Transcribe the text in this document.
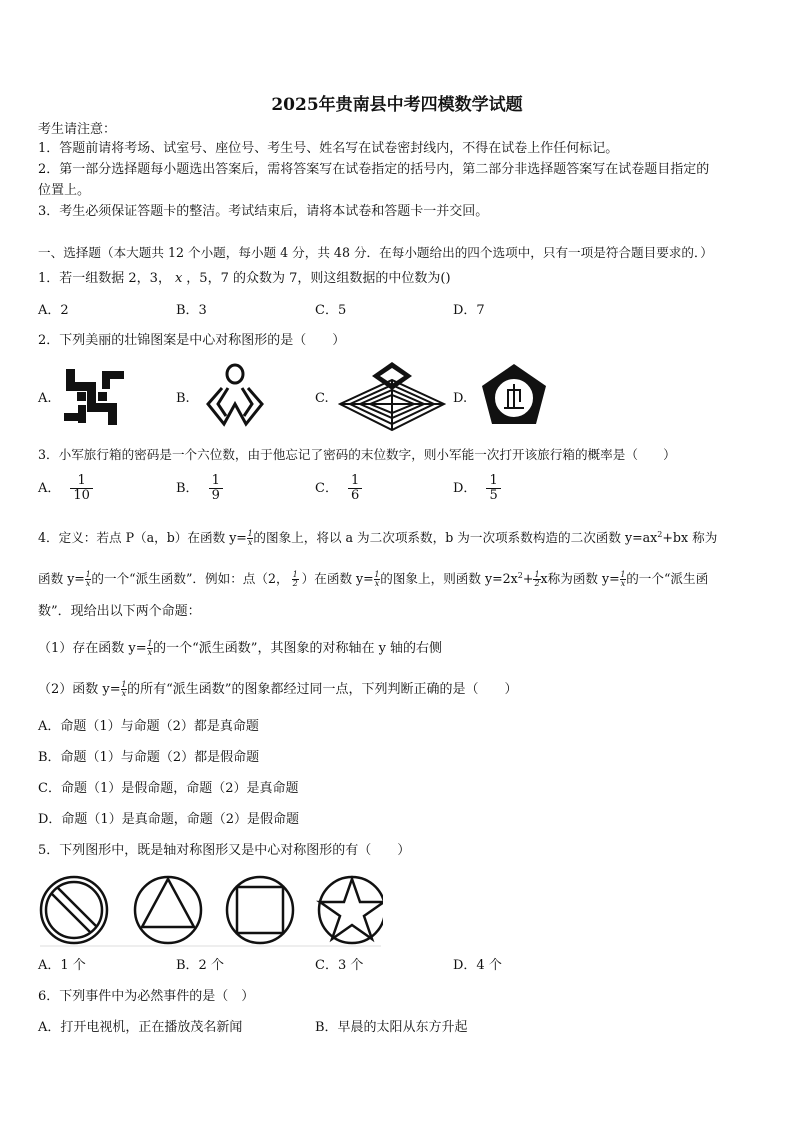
2025年贵南县中考四模数学试题
考生请注意：
1．答题前请将考场、试室号、座位号、考生号、姓名写在试卷密封线内，不得在试卷上作任何标记。
2．第一部分选择题每小题选出答案后，需将答案写在试卷指定的括号内，第二部分非选择题答案写在试卷题目指定的
位置上。
3．考生必须保证答题卡的整洁。考试结束后，请将本试卷和答题卡一并交回。
一、选择题（本大题共 12 个小题，每小题 4 分，共 48 分．在每小题给出的四个选项中，只有一项是符合题目要求的．）
1．若一组数据 2，3， x ，5，7 的众数为 7，则这组数据的中位数为()
A．2	B．3	C．5	D．7
2．下列美丽的壮锦图案是中心对称图形的是（　　）
A.	B.	C.	D.
3．小军旅行箱的密码是一个六位数，由于他忘记了密码的末位数字，则小军能一次打开该旅行箱的概率是（　　）
A． $\frac{1}{10}$	B． $\frac{1}{9}$	C． $\frac{1}{6}$	D． $\frac{1}{5}$
4．定义：若点 P（a，b）在函数 $y= \frac{1}{x}$ 的图象上，将以 a 为二次项系数，b 为一次项系数构造的二次函数 $y=ax^2+bx$ 称为
函数 $y= \frac{1}{x}$ 的一个“派生函数”．例如：点（2， $\frac{1}{2}$ ）在函数 $y= \frac{1}{x}$ 的图象上，则函数 $y=2x^2+ \frac{1}{2}$ x称为函数 $y= \frac{1}{x}$ 的一个“派生函
数”．现给出以下两个命题：
（1）存在函数 $y= \frac{1}{x}$ 的一个“派生函数”，其图象的对称轴在 y 轴的右侧
（2）函数 $y= \frac{1}{x}$ 的所有“派生函数”的图象都经过同一点，下列判断正确的是（　　）
A．命题（1）与命题（2）都是真命题
B．命题（1）与命题（2）都是假命题
C．命题（1）是假命题，命题（2）是真命题
D．命题（1）是真命题，命题（2）是假命题
5．下列图形中，既是轴对称图形又是中心对称图形的有（　　）
A．1 个	B．2 个	C．3 个	D．4 个
6．下列事件中为必然事件的是（　）
A．打开电视机，正在播放茂名新闻	B．早晨的太阳从东方升起
